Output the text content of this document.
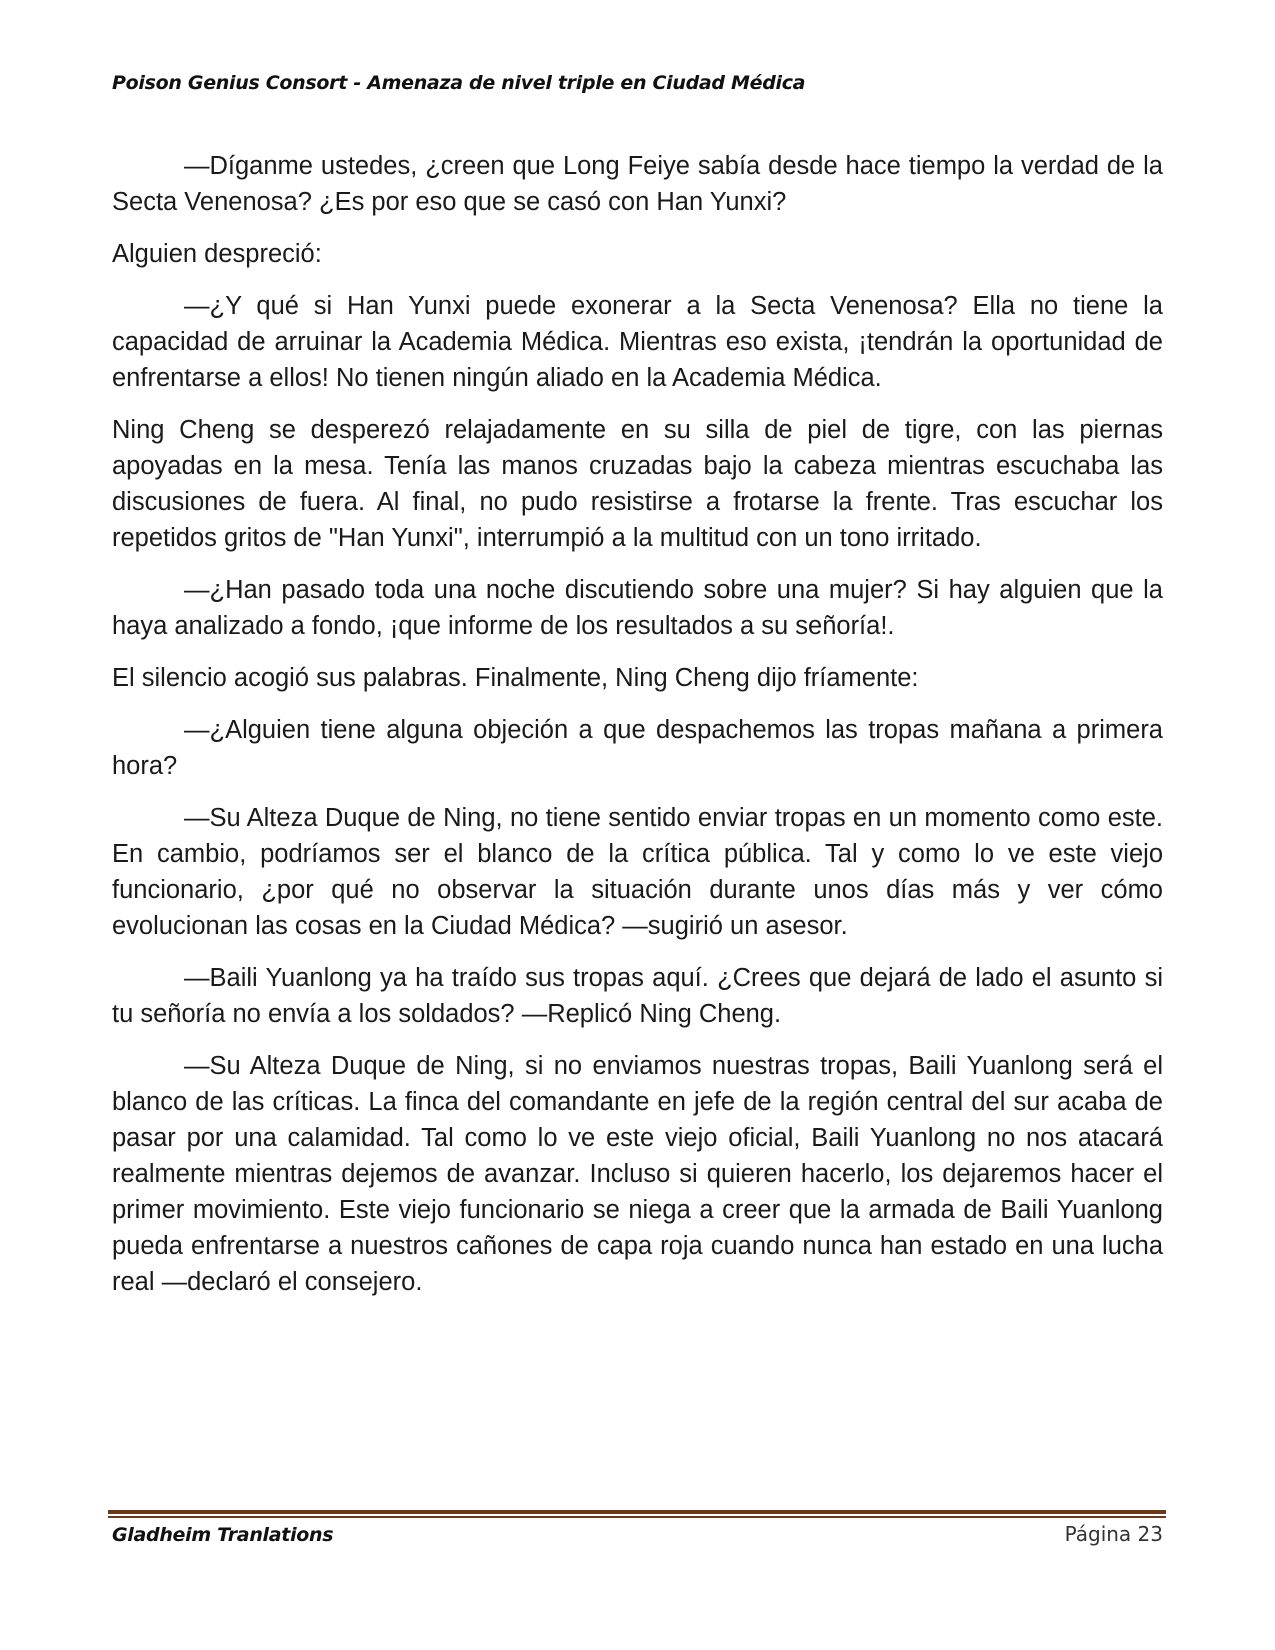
Poison Genius Consort - Amenaza de nivel triple en Ciudad Médica

—Díganme ustedes, ¿creen que Long Feiye sabía desde hace tiempo la verdad de la Secta Venenosa? ¿Es por eso que se casó con Han Yunxi?

Alguien despreció:

—¿Y qué si Han Yunxi puede exonerar a la Secta Venenosa? Ella no tiene la capacidad de arruinar la Academia Médica. Mientras eso exista, ¡tendrán la oportunidad de enfrentarse a ellos! No tienen ningún aliado en la Academia Médica.

Ning Cheng se desperezó relajadamente en su silla de piel de tigre, con las piernas apoyadas en la mesa. Tenía las manos cruzadas bajo la cabeza mientras escuchaba las discusiones de fuera. Al final, no pudo resistirse a frotarse la frente. Tras escuchar los repetidos gritos de "Han Yunxi", interrumpió a la multitud con un tono irritado.

—¿Han pasado toda una noche discutiendo sobre una mujer? Si hay alguien que la haya analizado a fondo, ¡que informe de los resultados a su señoría!.

El silencio acogió sus palabras. Finalmente, Ning Cheng dijo fríamente:

—¿Alguien tiene alguna objeción a que despachemos las tropas mañana a primera hora?

—Su Alteza Duque de Ning, no tiene sentido enviar tropas en un momento como este. En cambio, podríamos ser el blanco de la crítica pública. Tal y como lo ve este viejo funcionario, ¿por qué no observar la situación durante unos días más y ver cómo evolucionan las cosas en la Ciudad Médica? —sugirió un asesor.

—Baili Yuanlong ya ha traído sus tropas aquí. ¿Crees que dejará de lado el asunto si tu señoría no envía a los soldados? —Replicó Ning Cheng.

—Su Alteza Duque de Ning, si no enviamos nuestras tropas, Baili Yuanlong será el blanco de las críticas. La finca del comandante en jefe de la región central del sur acaba de pasar por una calamidad. Tal como lo ve este viejo oficial, Baili Yuanlong no nos atacará realmente mientras dejemos de avanzar. Incluso si quieren hacerlo, los dejaremos hacer el primer movimiento. Este viejo funcionario se niega a creer que la armada de Baili Yuanlong pueda enfrentarse a nuestros cañones de capa roja cuando nunca han estado en una lucha real —declaró el consejero.

Gladheim Tranlations	Página 23
